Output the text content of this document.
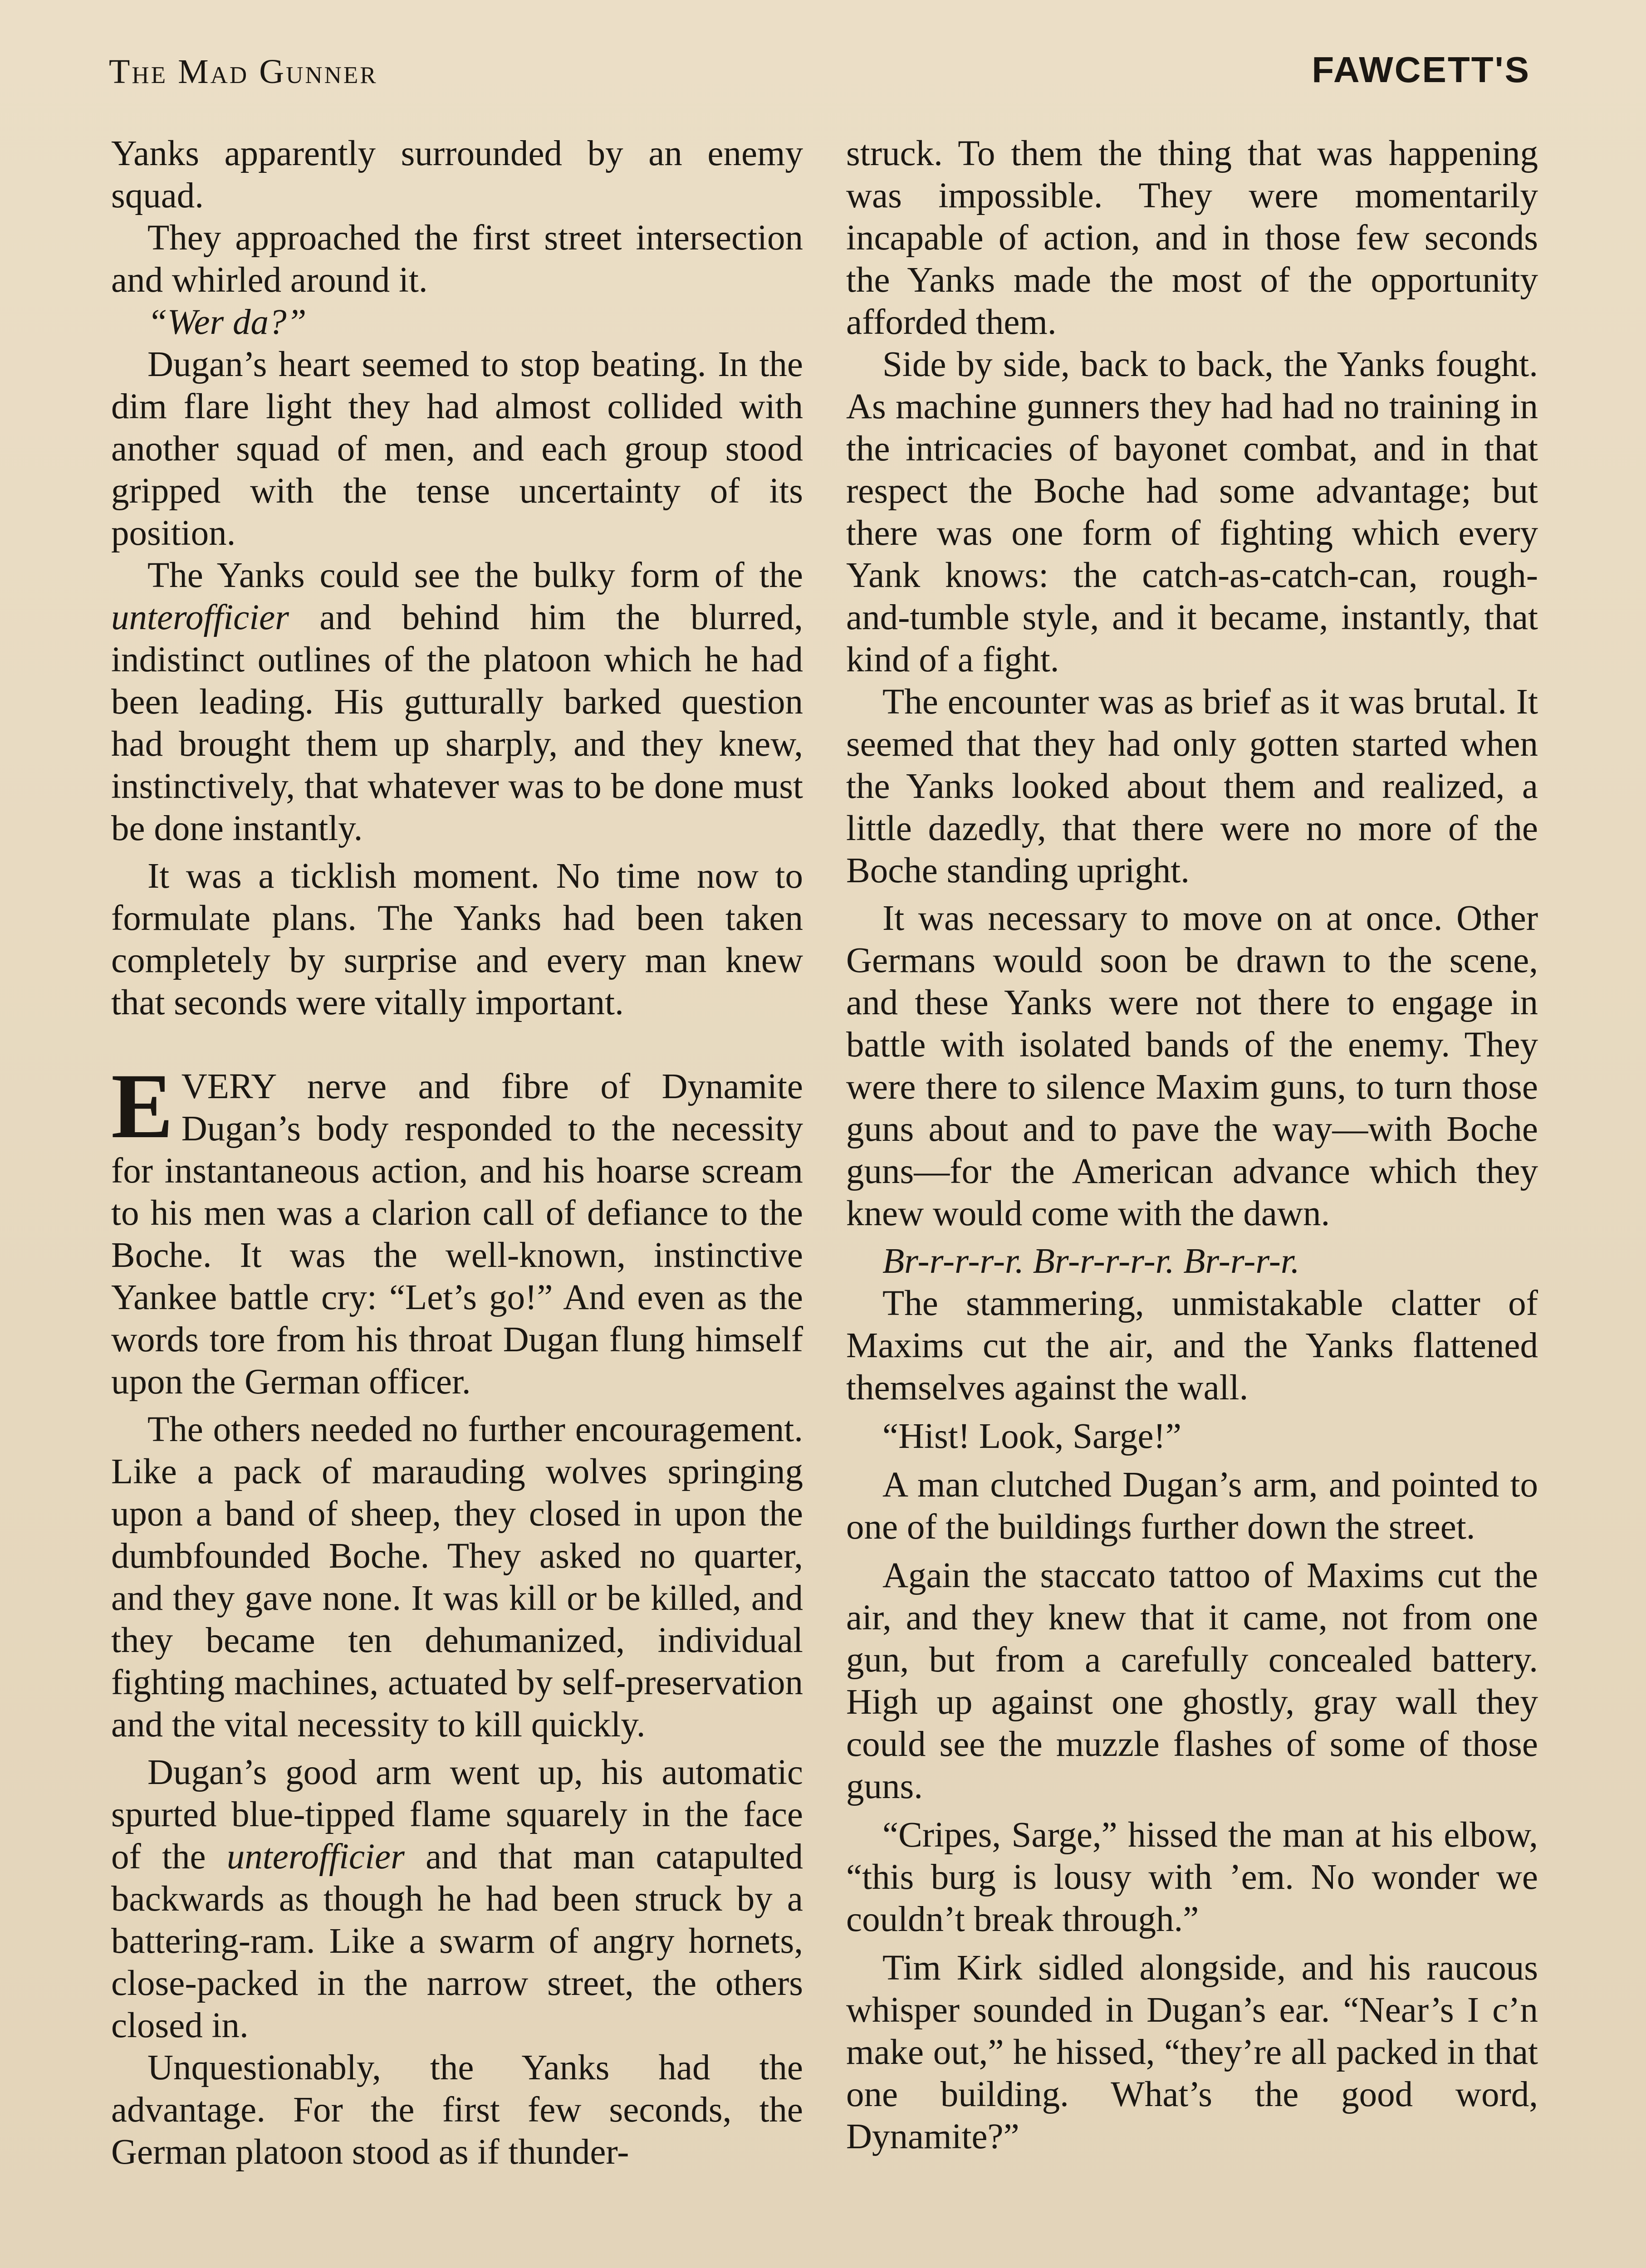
The Mad Gunner	FAWCETT'S

Yanks apparently surrounded by an enemy squad.

They approached the first street intersection and whirled around it.

“Wer da?”

Dugan’s heart seemed to stop beating. In the dim flare light they had almost collided with another squad of men, and each group stood gripped with the tense uncertainty of its position.

The Yanks could see the bulky form of the unterofficier and behind him the blurred, indistinct outlines of the platoon which he had been leading. His gutturally barked question had brought them up sharply, and they knew, instinctively, that whatever was to be done must be done instantly.

It was a ticklish moment. No time now to formulate plans. The Yanks had been taken completely by surprise and every man knew that seconds were vitally important.

EVERY nerve and fibre of Dynamite Dugan’s body responded to the necessity for instantaneous action, and his hoarse scream to his men was a clarion call of defiance to the Boche. It was the well-known, instinctive Yankee battle cry: “Let’s go!” And even as the words tore from his throat Dugan flung himself upon the German officer.

The others needed no further encouragement. Like a pack of marauding wolves springing upon a band of sheep, they closed in upon the dumbfounded Boche. They asked no quarter, and they gave none. It was kill or be killed, and they became ten dehumanized, individual fighting machines, actuated by self-preservation and the vital necessity to kill quickly.

Dugan’s good arm went up, his automatic spurted blue-tipped flame squarely in the face of the unterofficier and that man catapulted backwards as though he had been struck by a battering-ram. Like a swarm of angry hornets, close-packed in the narrow street, the others closed in.

Unquestionably, the Yanks had the advantage. For the first few seconds, the German platoon stood as if thunder-

struck. To them the thing that was happening was impossible. They were momentarily incapable of action, and in those few seconds the Yanks made the most of the opportunity afforded them.

Side by side, back to back, the Yanks fought. As machine gunners they had had no training in the intricacies of bayonet combat, and in that respect the Boche had some advantage; but there was one form of fighting which every Yank knows: the catch-as-catch-can, rough-and-tumble style, and it became, instantly, that kind of a fight.

The encounter was as brief as it was brutal. It seemed that they had only gotten started when the Yanks looked about them and realized, a little dazedly, that there were no more of the Boche standing upright.

It was necessary to move on at once. Other Germans would soon be drawn to the scene, and these Yanks were not there to engage in battle with isolated bands of the enemy. They were there to silence Maxim guns, to turn those guns about and to pave the way—with Boche guns—for the American advance which they knew would come with the dawn.

Br-r-r-r-r. Br-r-r-r-r. Br-r-r-r.

The stammering, unmistakable clatter of Maxims cut the air, and the Yanks flattened themselves against the wall.

“Hist! Look, Sarge!”

A man clutched Dugan’s arm, and pointed to one of the buildings further down the street.

Again the staccato tattoo of Maxims cut the air, and they knew that it came, not from one gun, but from a carefully concealed battery. High up against one ghostly, gray wall they could see the muzzle flashes of some of those guns.

“Cripes, Sarge,” hissed the man at his elbow, “this burg is lousy with ’em. No wonder we couldn’t break through.”

Tim Kirk sidled alongside, and his raucous whisper sounded in Dugan’s ear. “Near’s I c’n make out,” he hissed, “they’re all packed in that one building. What’s the good word, Dynamite?”
